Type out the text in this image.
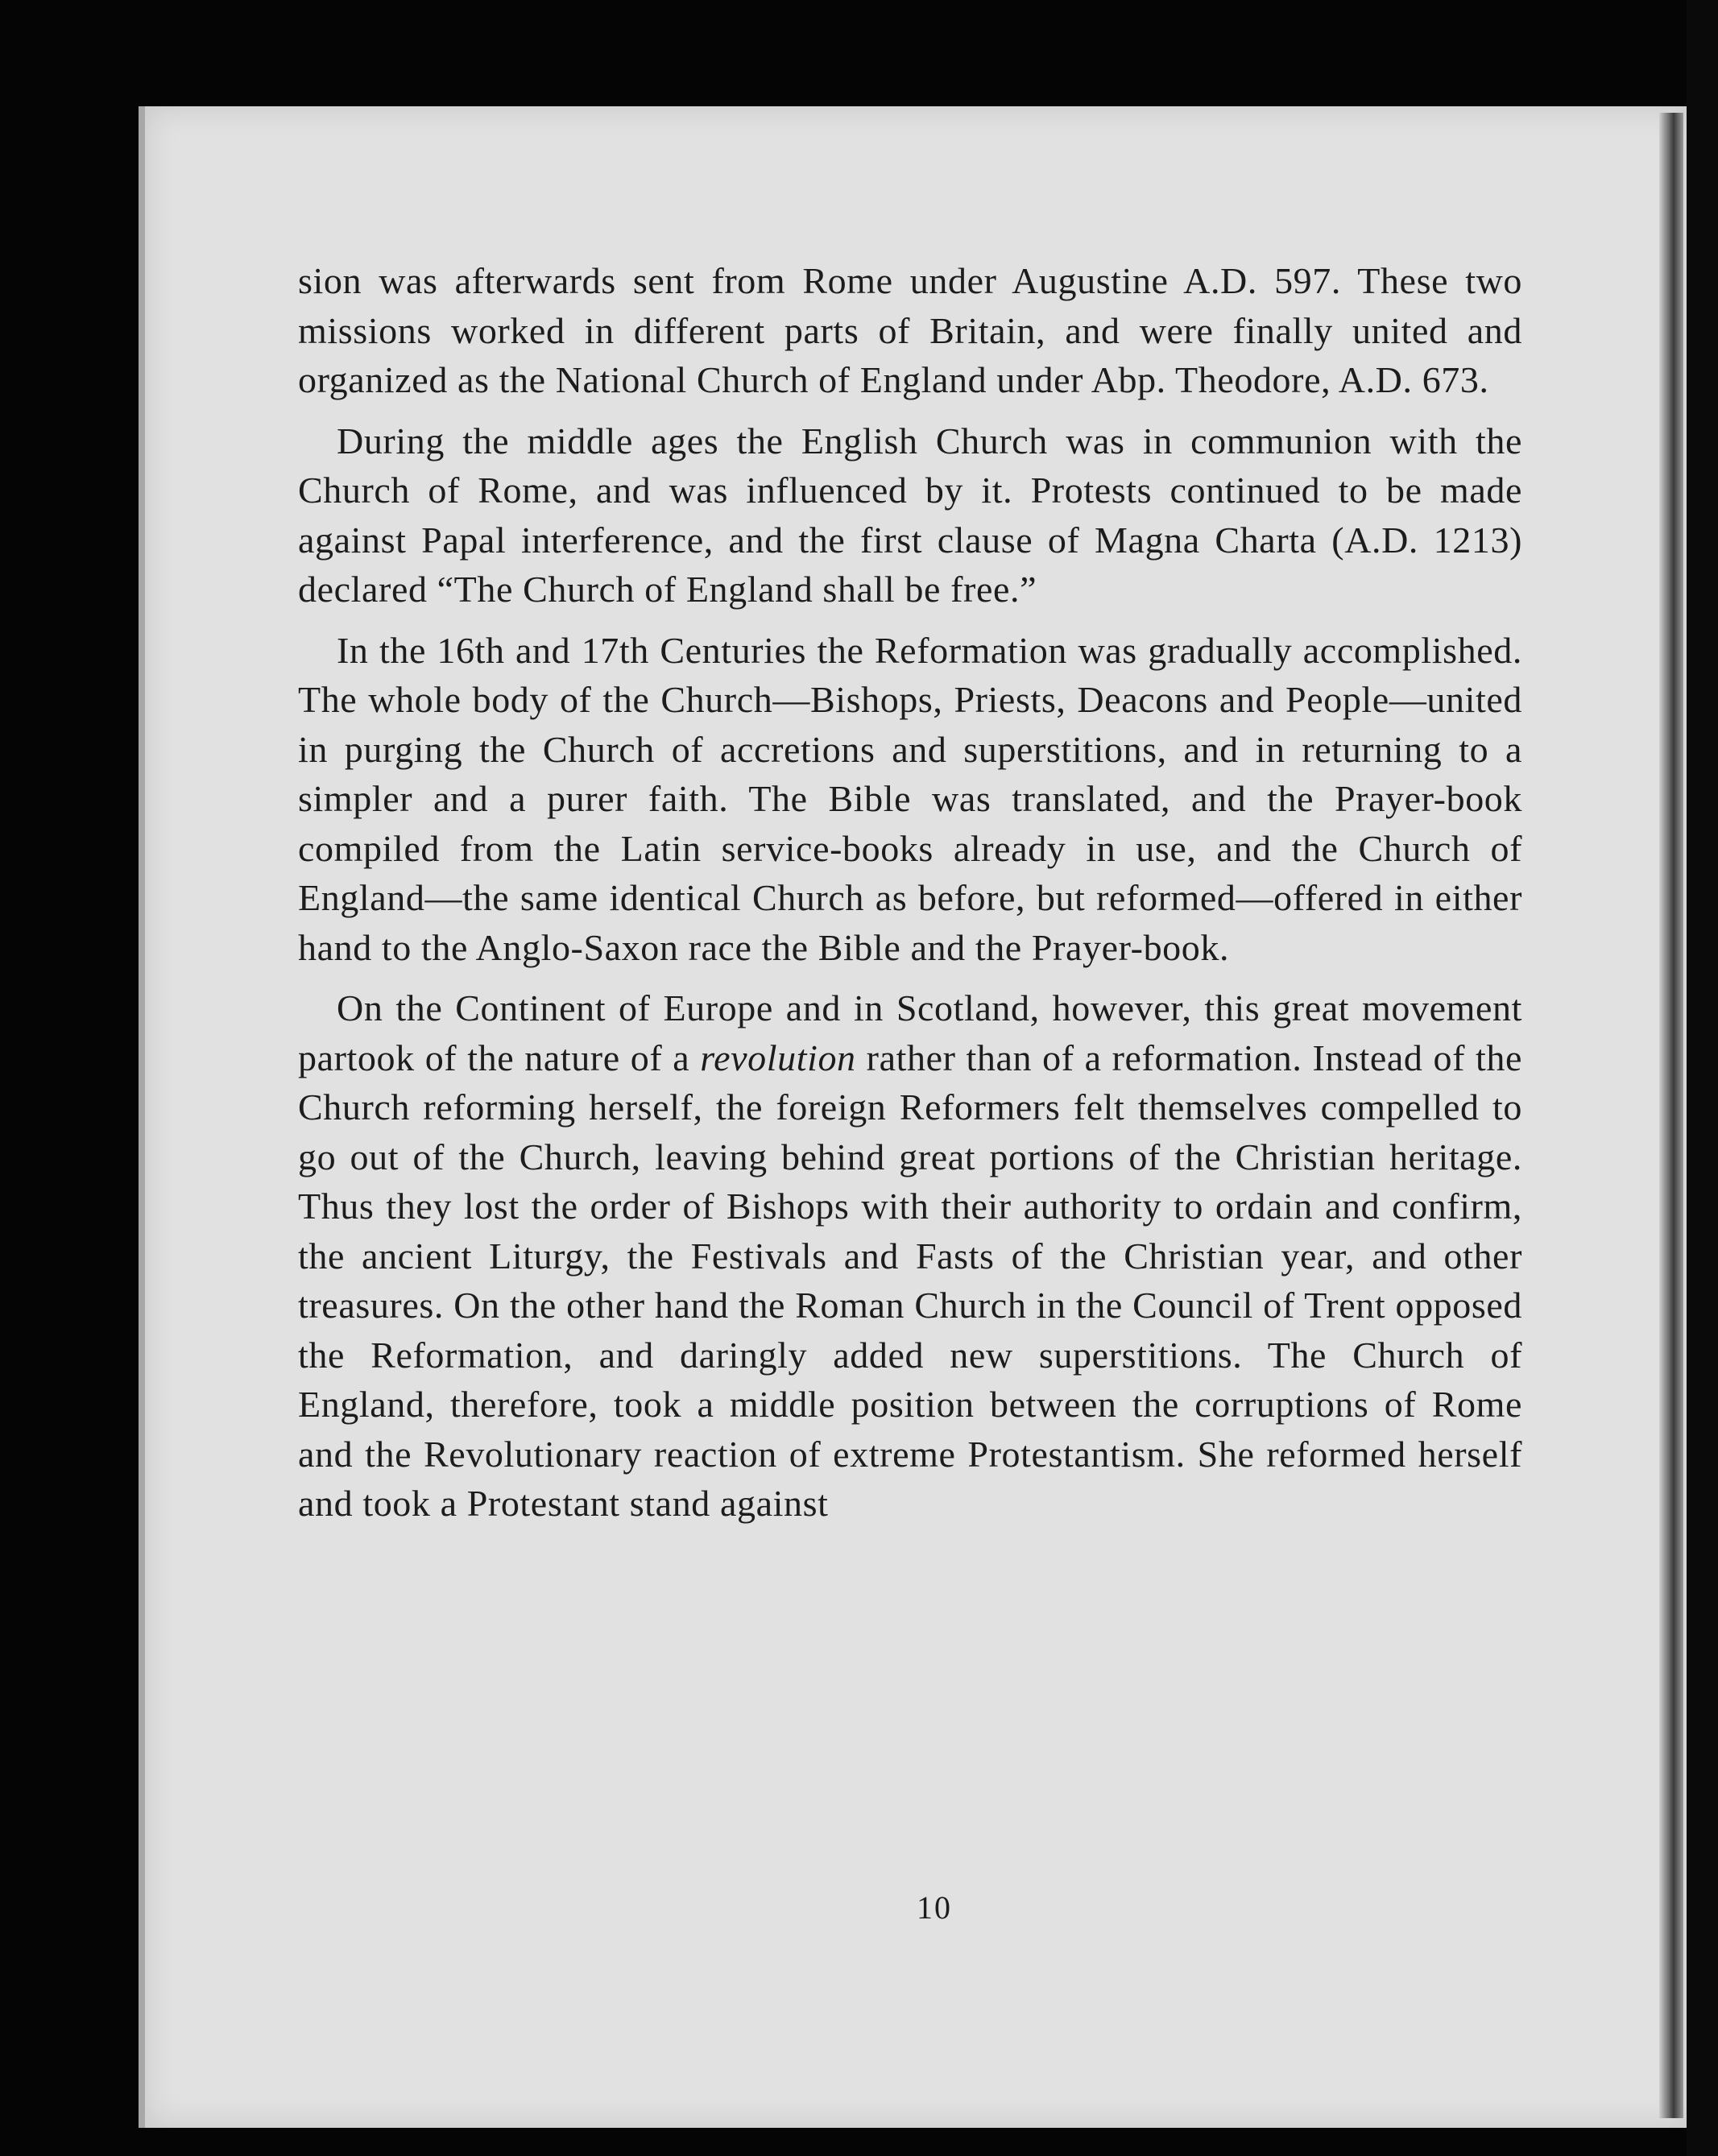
sion was afterwards sent from Rome under Augustine A.D. 597. These two missions worked in different parts of Britain, and were finally united and organized as the National Church of England under Abp. Theodore, A.D. 673.

During the middle ages the English Church was in communion with the Church of Rome, and was influenced by it. Protests continued to be made against Papal interference, and the first clause of Magna Charta (A.D. 1213) declared “The Church of England shall be free.”

In the 16th and 17th Centuries the Reformation was gradually accomplished. The whole body of the Church—Bishops, Priests, Deacons and People—united in purging the Church of accretions and superstitions, and in returning to a simpler and a purer faith. The Bible was translated, and the Prayer-book compiled from the Latin service-books already in use, and the Church of England—the same identical Church as before, but reformed—offered in either hand to the Anglo-Saxon race the Bible and the Prayer-book.

On the Continent of Europe and in Scotland, however, this great movement partook of the nature of a revolution rather than of a reformation. Instead of the Church reforming herself, the foreign Reformers felt themselves compelled to go out of the Church, leaving behind great portions of the Christian heritage. Thus they lost the order of Bishops with their authority to ordain and confirm, the ancient Liturgy, the Festivals and Fasts of the Christian year, and other treasures. On the other hand the Roman Church in the Council of Trent opposed the Reformation, and daringly added new superstitions. The Church of England, therefore, took a middle position between the corruptions of Rome and the Revolutionary reaction of extreme Protestantism. She reformed herself and took a Protestant stand against

10
